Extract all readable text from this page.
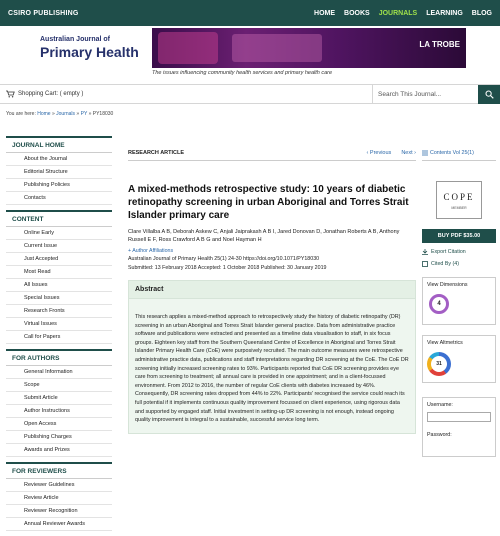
CSIRO PUBLISHING	HOME BOOKS JOURNALS LEARNING BLOG
Australian Journal of
Primary Health	LA TROBE
The issues influencing community health services and primary health care
Shopping Cart: ( empty )	Search This Journal...
You are here: Home » Journals » PY » PY18030
JOURNAL HOME
About the Journal
Editorial Structure
Publishing Policies
Contacts
CONTENT
Online Early
Current Issue
Just Accepted
Most Read
All Issues
Special Issues
Research Fronts
Virtual Issues
Call for Papers
FOR AUTHORS
General Information
Scope
Submit Article
Author Instructions
Open Access
Publishing Charges
Awards and Prizes
FOR REVIEWERS
Reviewer Guidelines
Review Article
Reviewer Recognition
Annual Reviewer Awards
RESEARCH ARTICLE	‹ Previous Next ›
A mixed-methods retrospective study: 10 years of diabetic retinopathy screening in urban Aboriginal and Torres Strait Islander primary care
Clare Villalba A B, Deborah Askew C, Anjali Jaiprakash A B I, Jared Donovan D, Jonathan Roberts A B, Anthony Russell E F, Ross Crawford A B G and Noel Hayman H
+ Author Affiliations
Australian Journal of Primary Health 25(1) 24-30 https://doi.org/10.1071/PY18030
Submitted: 13 February 2018 Accepted: 1 October 2018 Published: 30 January 2019
Abstract
This research applies a mixed-method approach to retrospectively study the history of diabetic retinopathy (DR) screening in an urban Aboriginal and Torres Strait Islander general practice. Data from administrative practice software and publications were extracted and presented as a timeline data visualisation to staff, in six focus groups. Eighteen key staff from the Southern Queensland Centre of Excellence in Aboriginal and Torres Strait Islander Primary Health Care (CoE) were purposively recruited. The main outcome measures were retrospective administrative practice data, publications and staff interpretations regarding DR screening at the CoE. The CoE DR screening initially increased screening rates to 93%. Participants reported that CoE DR screening provides eye care from screening to treatment; all annual care is provided in one appointment; and in a client-focussed environment. From 2012 to 2016, the number of regular CoE clients with diabetes increased by 46%. Consequently, DR screening rates dropped from 44% to 22%. Participants' recognised the service could reach its full potential if it implements continuous quality improvement focussed on client experience, using rigorous data and supported by engaged staff. Initial investment in setting-up DR screening is not enough, instead ongoing quality improvement is integral to a sustainable, successful service long term.
Contents Vol 25(1)
COPE
MEMBER
BUY PDF $35.00
Export Citation
Cited By (4)
View Dimensions
4
View Altmetrics
31
Username:
Password:
